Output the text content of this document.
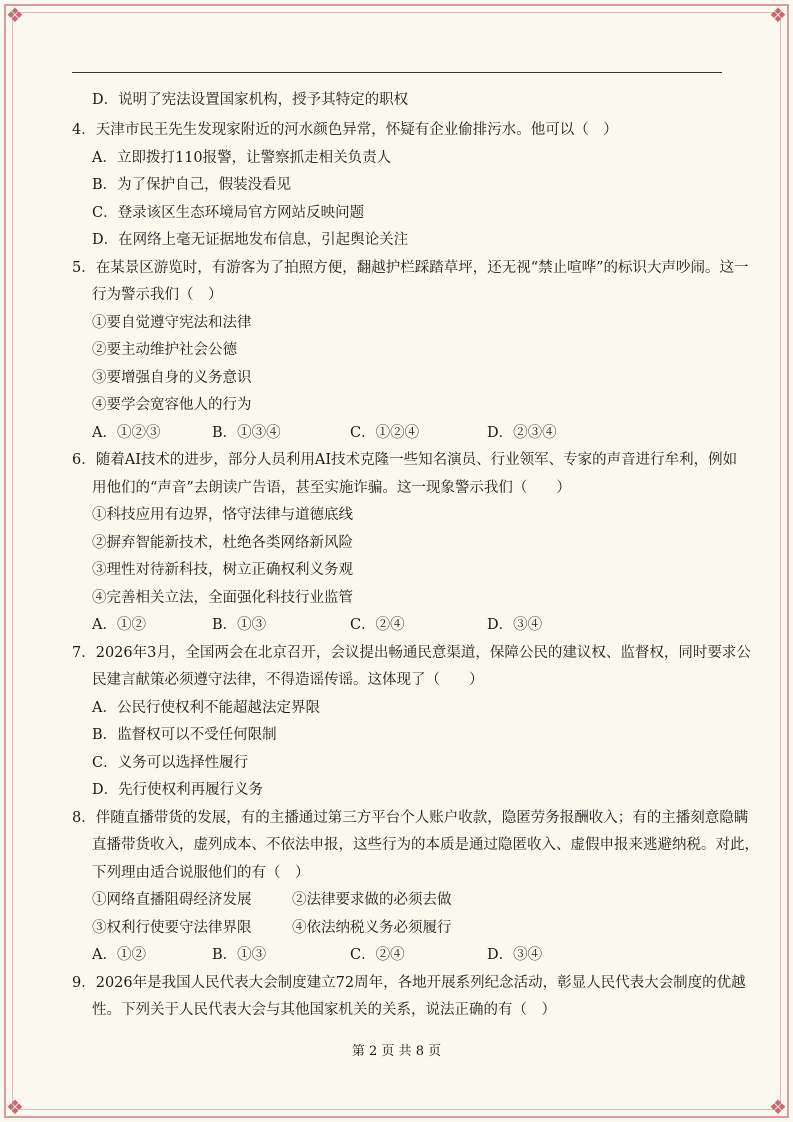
❖	❖
❖	❖
D．说明了宪法设置国家机构，授予其特定的职权
4．天津市民王先生发现家附近的河水颜色异常，怀疑有企业偷排污水。他可以（　）
A．立即拨打110报警，让警察抓走相关负责人
B．为了保护自己，假装没看见
C．登录该区生态环境局官方网站反映问题
D．在网络上毫无证据地发布信息，引起舆论关注
5．在某景区游览时，有游客为了拍照方便，翻越护栏踩踏草坪，还无视“禁止喧哗”的标识大声吵闹。这一
行为警示我们（　）
①要自觉遵守宪法和法律
②要主动维护社会公德
③要增强自身的义务意识
④要学会宽容他人的行为
A．①②③	B．①③④	C．①②④	D．②③④
6．随着AI技术的进步，部分人员利用AI技术克隆一些知名演员、行业领军、专家的声音进行牟利，例如
用他们的“声音”去朗读广告语，甚至实施诈骗。这一现象警示我们（　　）
①科技应用有边界，恪守法律与道德底线
②摒弃智能新技术，杜绝各类网络新风险
③理性对待新科技，树立正确权利义务观
④完善相关立法，全面强化科技行业监管
A．①②	B．①③	C．②④	D．③④
7．2026年3月，全国两会在北京召开，会议提出畅通民意渠道，保障公民的建议权、监督权，同时要求公
民建言献策必须遵守法律，不得造谣传谣。这体现了（　　）
A．公民行使权利不能超越法定界限
B．监督权可以不受任何限制
C．义务可以选择性履行
D．先行使权利再履行义务
8．伴随直播带货的发展，有的主播通过第三方平台个人账户收款，隐匿劳务报酬收入；有的主播刻意隐瞒
直播带货收入，虚列成本、不依法申报，这些行为的本质是通过隐匿收入、虚假申报来逃避纳税。对此，
下列理由适合说服他们的有（　）
①网络直播阻碍经济发展	②法律要求做的必须去做
③权利行使要守法律界限	④依法纳税义务必须履行
A．①②	B．①③	C．②④	D．③④
9．2026年是我国人民代表大会制度建立72周年，各地开展系列纪念活动，彰显人民代表大会制度的优越
性。下列关于人民代表大会与其他国家机关的关系，说法正确的有（　）
第 2 页 共 8 页
